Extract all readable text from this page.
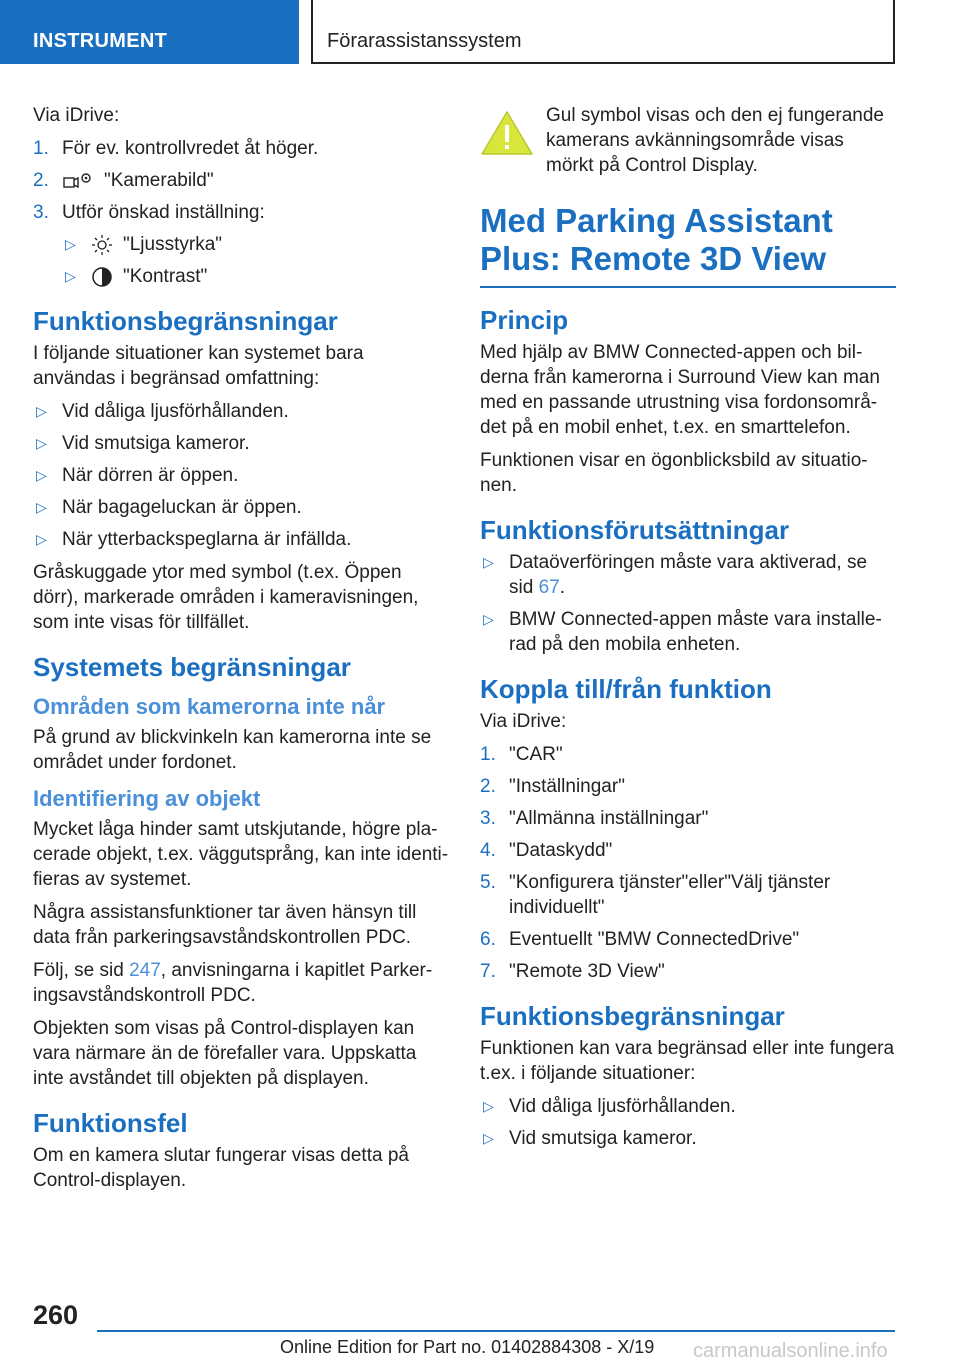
INSTRUMENT	Förarassistanssystem

Via iDrive:

1. För ev. kontrollvredet åt höger.
2.	"Kamerabild"
3. Utför önskad inställning:
▷ "Ljusstyrka"
▷ "Kontrast"
Funktionsbegränsningar

I följande situationer kan systemet bara användas i begränsad omfattning:

▷ Vid dåliga ljusförhållanden.
▷ Vid smutsiga kameror.
▷ När dörren är öppen.
▷ När bagageluckan är öppen.
▷ När ytterbackspeglarna är infällda.

Gråskuggade ytor med symbol (t.ex. Öppen dörr), markerade områden i kameravisningen, som inte visas för tillfället.

Systemets begränsningar
Områden som kamerorna inte når

På grund av blickvinkeln kan kamerorna inte se området under fordonet.

Identifiering av objekt

Mycket låga hinder samt utskjutande, högre pla-cerade objekt, t.ex. väggutsprång, kan inte identi-fieras av systemet.

Några assistansfunktioner tar även hänsyn till data från parkeringsavståndskontrollen PDC.

Följ, se sid 247, anvisningarna i kapitlet Parker-ingsavståndskontroll PDC.

Objekten som visas på Control-displayen kan vara närmare än de förefaller vara. Uppskatta inte avståndet till objekten på displayen.

Funktionsfel

Om en kamera slutar fungerar visas detta på Control-displayen.

Gul symbol visas och den ej fungerande kamerans avkänningsområde visas mörkt på Control Display.
Med Parking Assistant Plus: Remote 3D View
Princip

Med hjälp av BMW Connected-appen och bil-derna från kamerorna i Surround View kan man med en passande utrustning visa fordonsområ-det på en mobil enhet, t.ex. en smarttelefon.

Funktionen visar en ögonblicksbild av situatio-nen.

Funktionsförutsättningar
▷ Dataöverföringen måste vara aktiverad, se sid 67.
▷ BMW Connected-appen måste vara installe-rad på den mobila enheten.
Koppla till/från funktion

Via iDrive:

1. "CAR"
2. "Inställningar"
3. "Allmänna inställningar"
4. "Dataskydd"
5. "Konfigurera tjänster"eller"Välj tjänster individuellt"
6. Eventuellt "BMW ConnectedDrive"
7. "Remote 3D View"
Funktionsbegränsningar

Funktionen kan vara begränsad eller inte fungera t.ex. i följande situationer:

▷ Vid dåliga ljusförhållanden.
▷ Vid smutsiga kameror.
260
Online Edition for Part no. 01402884308 - X/19 carmanualsonline.info
